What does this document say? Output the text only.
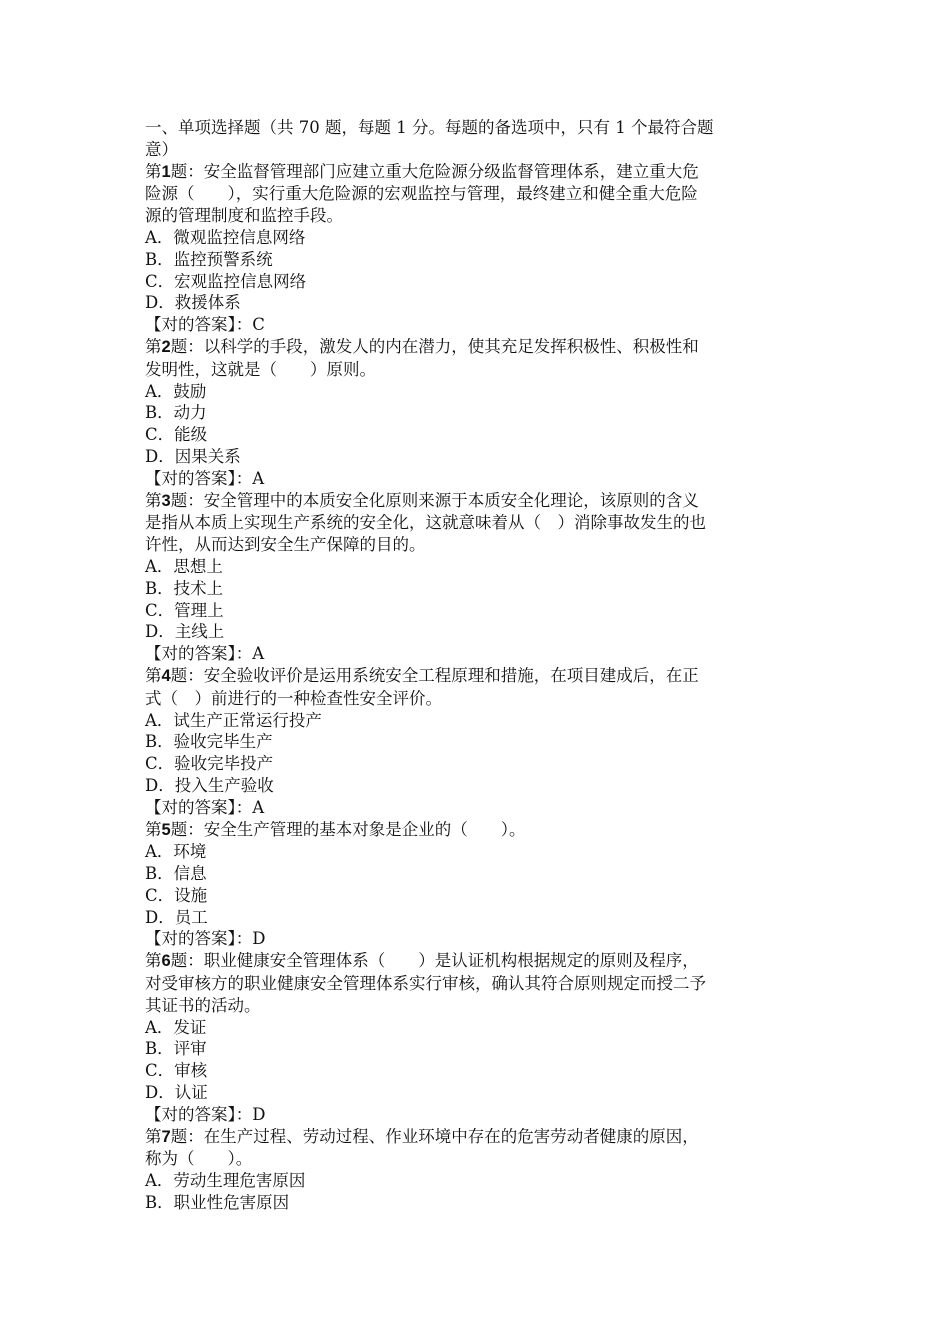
一、单项选择题（共 70 题，每题 1 分。每题的备选项中，只有 1 个最符合题
意）
第1题：安全监督管理部门应建立重大危险源分级监督管理体系，建立重大危
险源（　　），实行重大危险源的宏观监控与管理，最终建立和健全重大危险
源的管理制度和监控手段。
A．微观监控信息网络
B．监控预警系统
C．宏观监控信息网络
D．救援体系
【对的答案】：C
第2题：以科学的手段，激发人的内在潜力，使其充足发挥积极性、积极性和
发明性，这就是（　　）原则。
A．鼓励
B．动力
C．能级
D．因果关系
【对的答案】：A
第3题：安全管理中的本质安全化原则来源于本质安全化理论，该原则的含义
是指从本质上实现生产系统的安全化，这就意味着从（　）消除事故发生的也
许性，从而达到安全生产保障的目的。
A．思想上
B．技术上
C．管理上
D．主线上
【对的答案】：A
第4题：安全验收评价是运用系统安全工程原理和措施，在项目建成后，在正
式（　）前进行的一种检查性安全评价。
A．试生产正常运行投产
B．验收完毕生产
C．验收完毕投产
D．投入生产验收
【对的答案】：A
第5题：安全生产管理的基本对象是企业的（　　）。
A．环境
B．信息
C．设施
D．员工
【对的答案】：D
第6题：职业健康安全管理体系（　　）是认证机构根据规定的原则及程序，
对受审核方的职业健康安全管理体系实行审核，确认其符合原则规定而授二予
其证书的活动。
A．发证
B．评审
C．审核
D．认证
【对的答案】：D
第7题：在生产过程、劳动过程、作业环境中存在的危害劳动者健康的原因，
称为（　　）。
A．劳动生理危害原因
B．职业性危害原因
